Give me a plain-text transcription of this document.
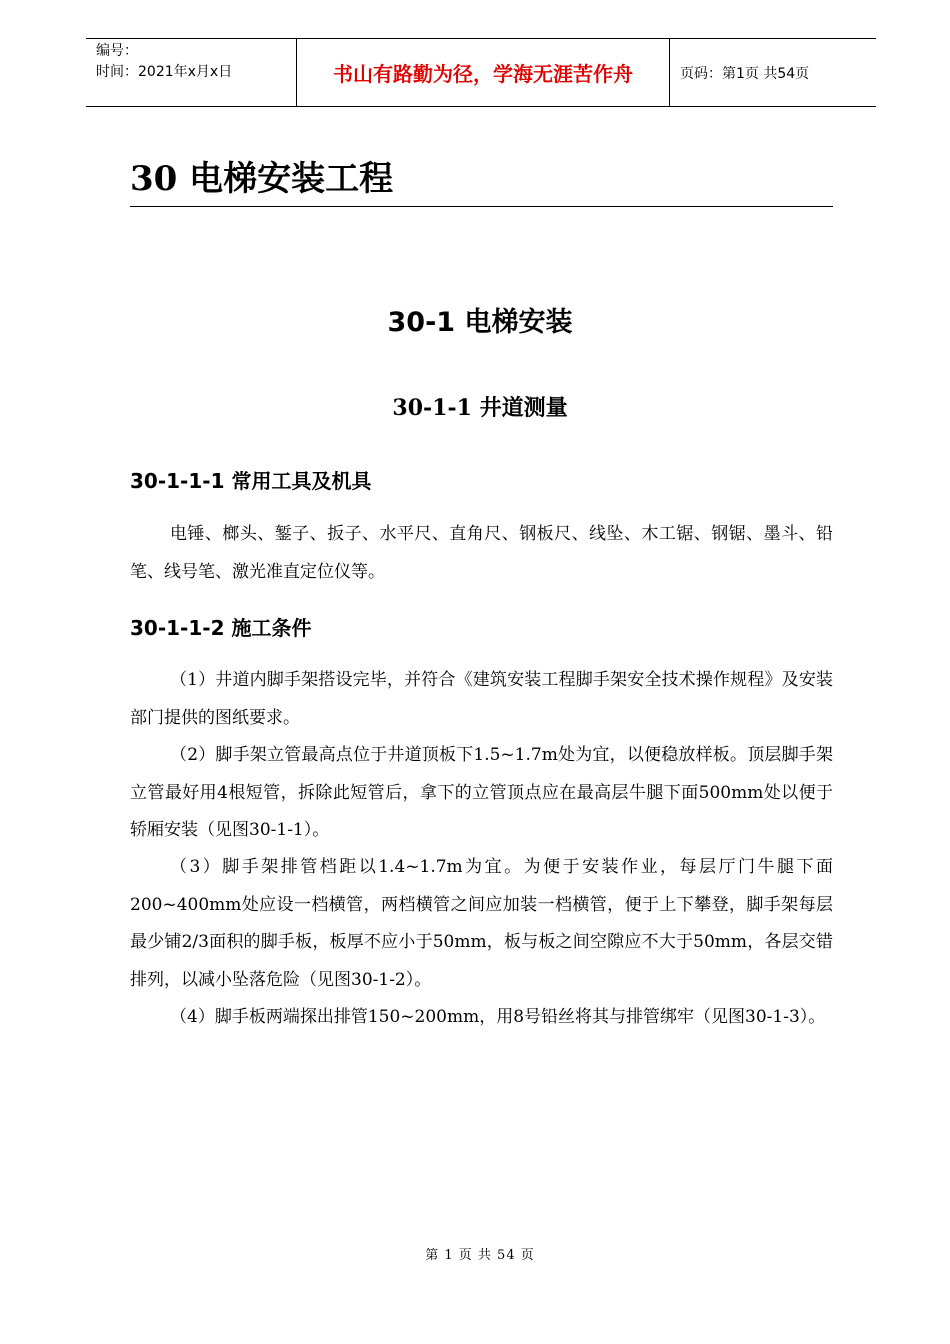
编号：
时间：2021年x月x日	书山有路勤为径，学海无涯苦作舟	页码：第1页 共54页
30 电梯安装工程
30-1 电梯安装
30-1-1 井道测量
30-1-1-1 常用工具及机具

电锤、榔头、錾子、扳子、水平尺、直角尺、钢板尺、线坠、木工锯、钢锯、墨斗、铅笔、线号笔、激光准直定位仪等。

30-1-1-2 施工条件

（1）井道内脚手架搭设完毕，并符合《建筑安装工程脚手架安全技术操作规程》及安装部门提供的图纸要求。

（2）脚手架立管最高点位于井道顶板下1.5~1.7m处为宜，以便稳放样板。顶层脚手架立管最好用4根短管，拆除此短管后，拿下的立管顶点应在最高层牛腿下面500mm处以便于轿厢安装（见图30-1-1）。

（3）脚手架排管档距以1.4~1.7m为宜。为便于安装作业，每层厅门牛腿下面200~400mm处应设一档横管，两档横管之间应加装一档横管，便于上下攀登，脚手架每层最少铺2/3面积的脚手板，板厚不应小于50mm，板与板之间空隙应不大于50mm，各层交错排列，以减小坠落危险（见图30-1-2）。

（4）脚手板两端探出排管150~200mm，用8号铅丝将其与排管绑牢（见图30-1-3）。

第 1 页 共 54 页
